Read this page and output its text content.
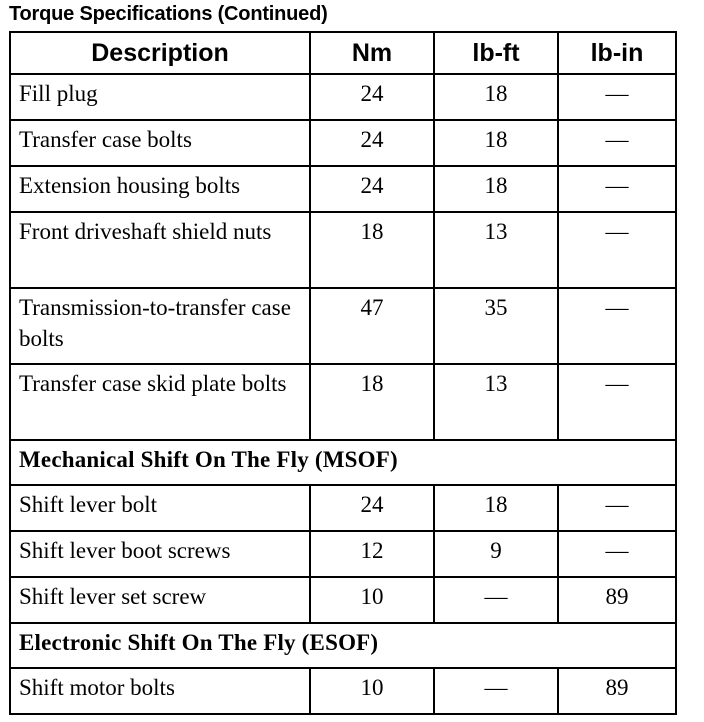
Torque Specifications (Continued)
Description	Nm	lb-ft	lb-in
Fill plug	24	18	—
Transfer case bolts	24	18	—
Extension housing bolts	24	18	—
Front driveshaft shield nuts	18	13	—
Transmission-to-transfer case bolts	47	35	—
Transfer case skid plate bolts	18	13	—
Mechanical Shift On The Fly (MSOF)			
Shift lever bolt	24	18	—
Shift lever boot screws	12	9	—
Shift lever set screw	10	—	89
Electronic Shift On The Fly (ESOF)			
Shift motor bolts	10	—	89
